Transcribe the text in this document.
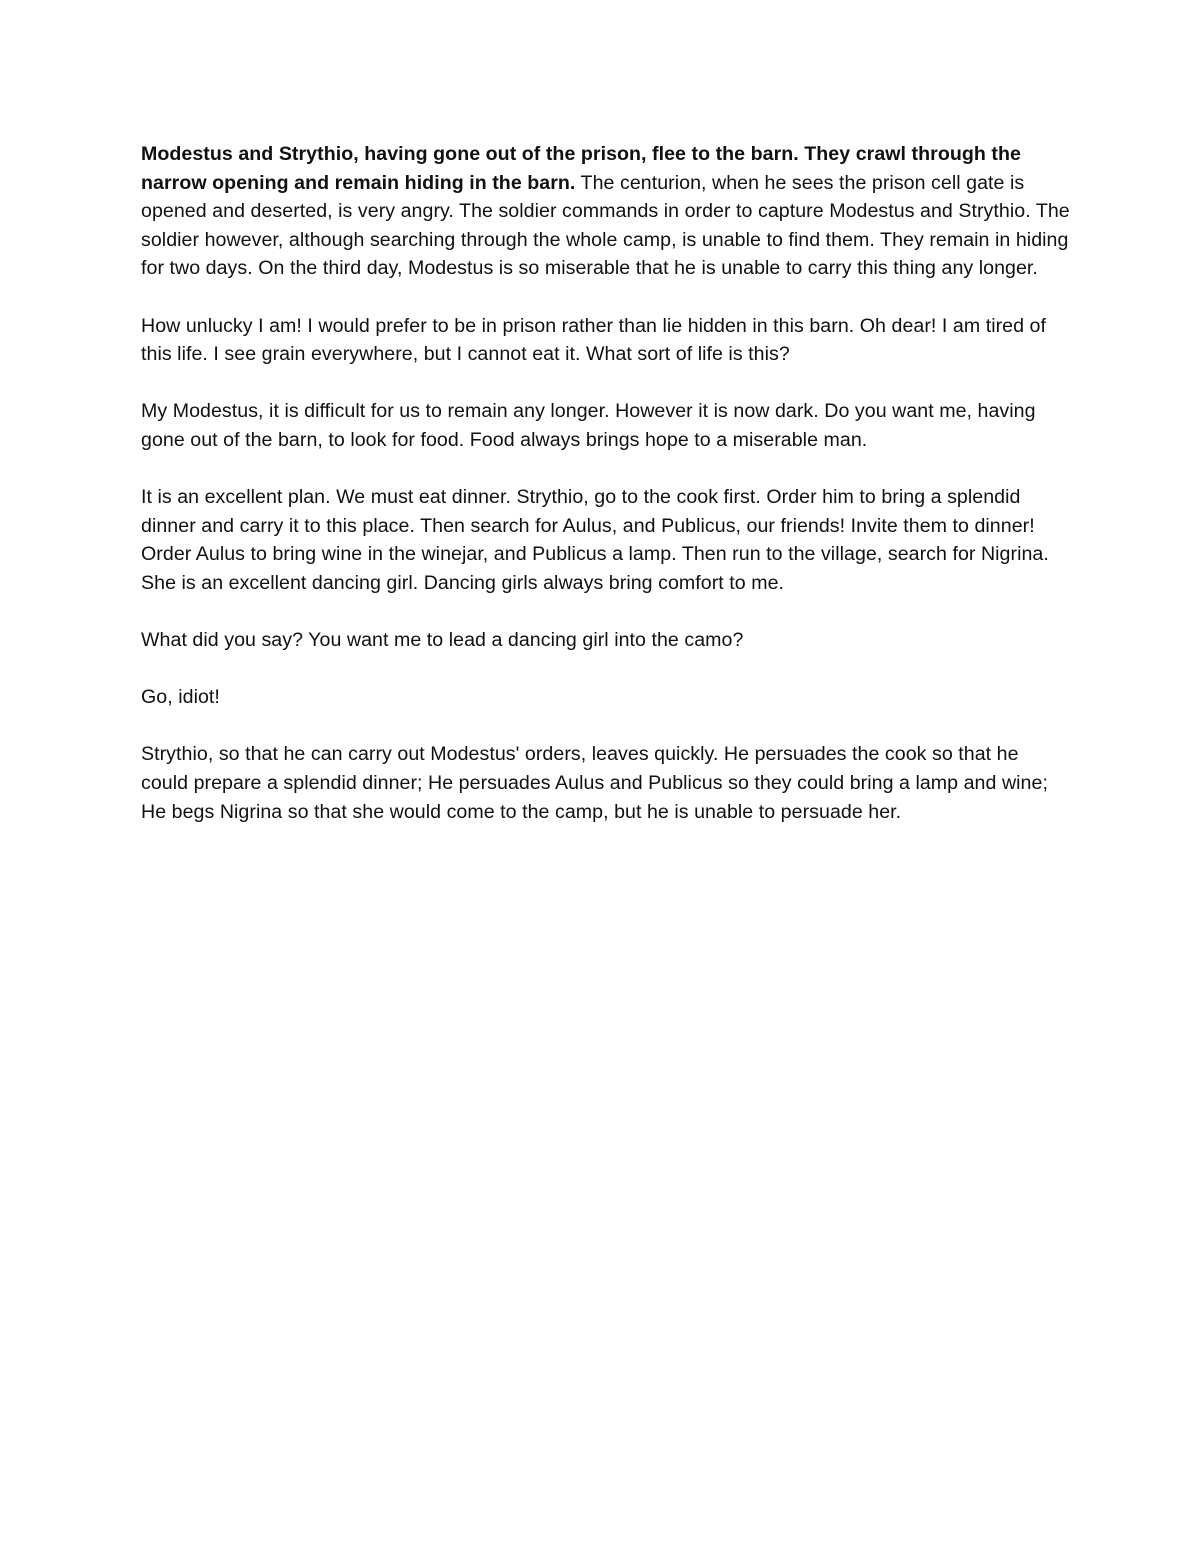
Modestus and Strythio, having gone out of the prison, flee to the barn. They crawl through the narrow opening and remain hiding in the barn. The centurion, when he sees the prison cell gate is opened and deserted, is very angry. The soldier commands in order to capture Modestus and Strythio. The soldier however, although searching through the whole camp, is unable to find them. They remain in hiding for two days. On the third day, Modestus is so miserable that he is unable to carry this thing any longer.

How unlucky I am! I would prefer to be in prison rather than lie hidden in this barn. Oh dear! I am tired of this life. I see grain everywhere, but I cannot eat it. What sort of life is this?

My Modestus, it is difficult for us to remain any longer. However it is now dark. Do you want me, having gone out of the barn, to look for food. Food always brings hope to a miserable man.

It is an excellent plan. We must eat dinner. Strythio, go to the cook first. Order him to bring a splendid dinner and carry it to this place. Then search for Aulus, and Publicus, our friends! Invite them to dinner! Order Aulus to bring wine in the winejar, and Publicus a lamp. Then run to the village, search for Nigrina. She is an excellent dancing girl. Dancing girls always bring comfort to me.

What did you say? You want me to lead a dancing girl into the camo?

Go, idiot!

Strythio, so that he can carry out Modestus' orders, leaves quickly. He persuades the cook so that he could prepare a splendid dinner; He persuades Aulus and Publicus so they could bring a lamp and wine; He begs Nigrina so that she would come to the camp, but he is unable to persuade her.
